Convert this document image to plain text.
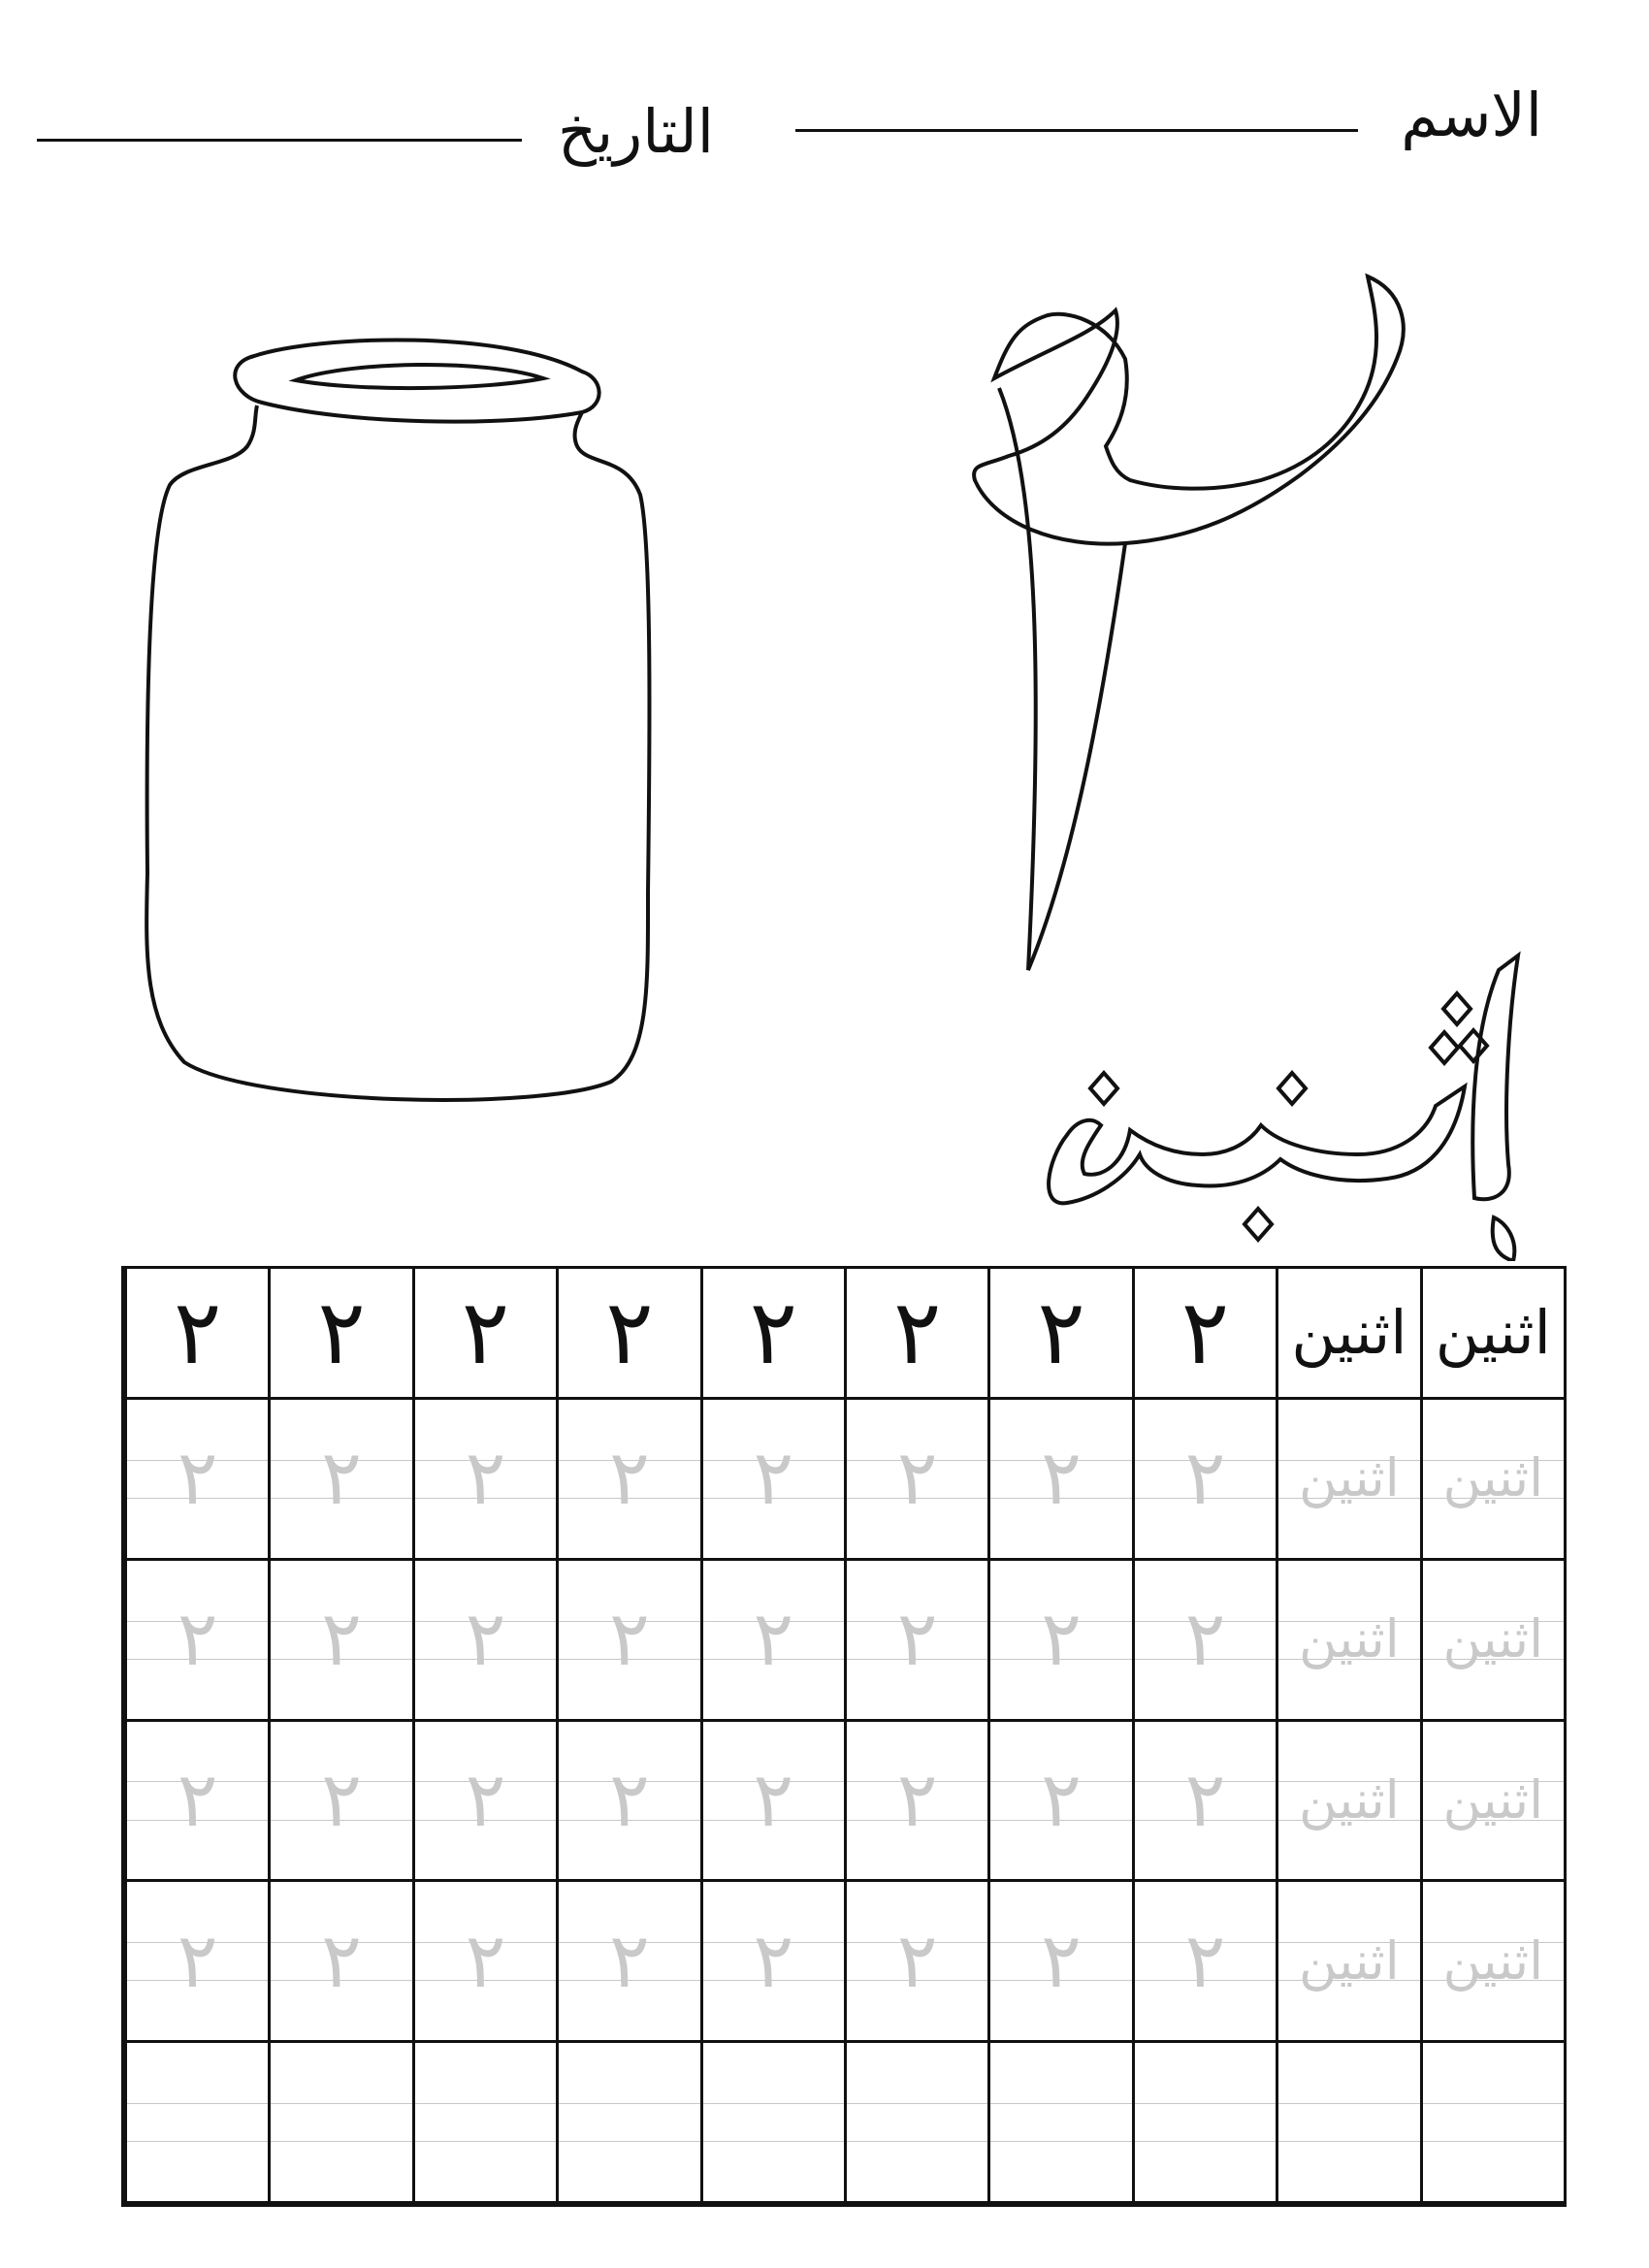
الاسم
التاريخ
اثنين
اثنين
٢
٢
٢
٢
٢
٢
٢
٢
اثنين
اثنين
٢
٢
٢
٢
٢
٢
٢
٢
اثنين
اثنين
٢
٢
٢
٢
٢
٢
٢
٢
اثنين
اثنين
٢
٢
٢
٢
٢
٢
٢
٢
اثنين
اثنين
٢
٢
٢
٢
٢
٢
٢
٢
